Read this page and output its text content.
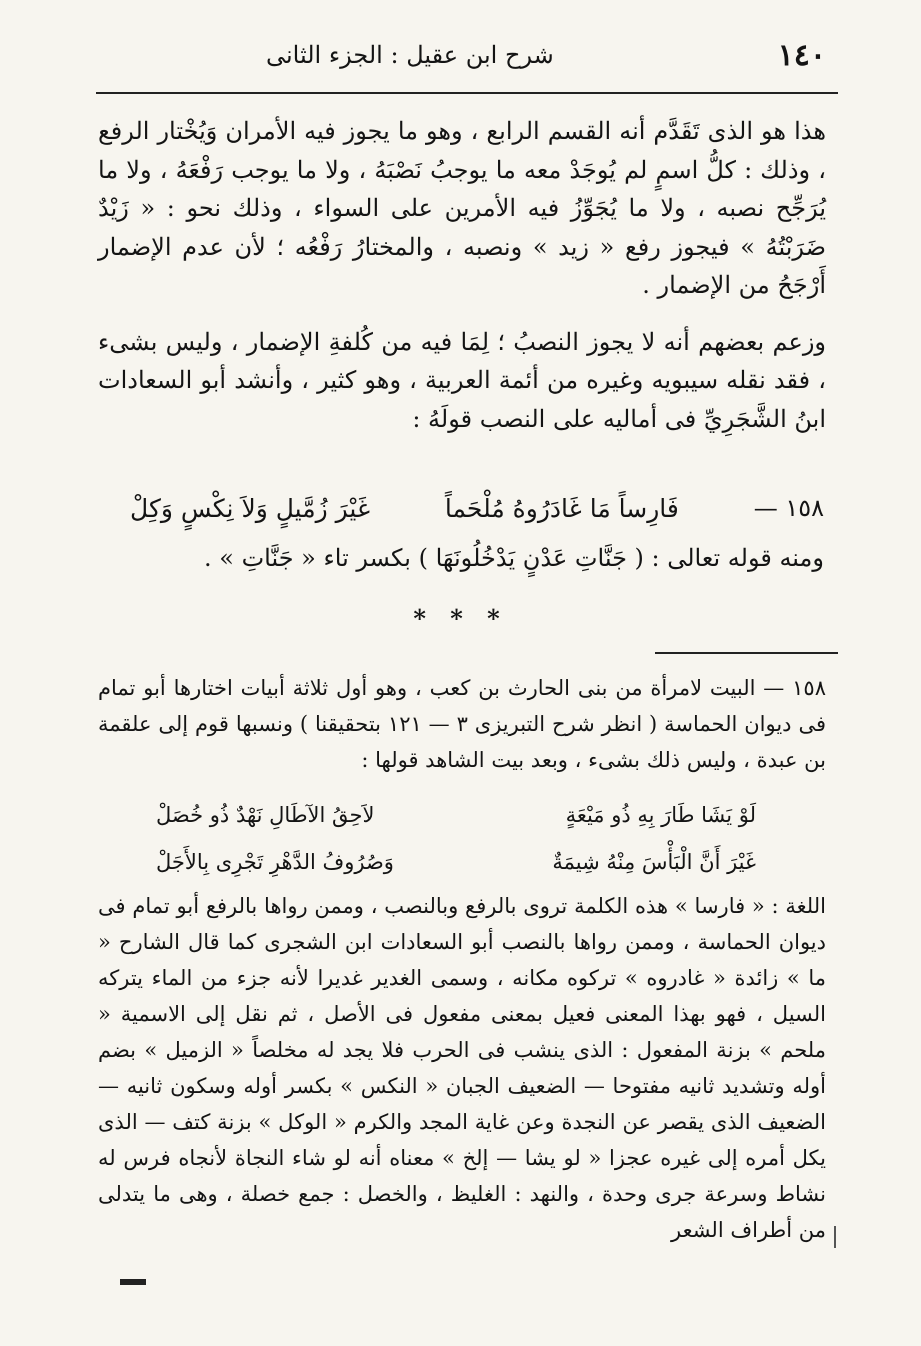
١٤٠
شرح ابن عقيل : الجزء الثانى

هذا هو الذى تَقَدَّم أنه القسم الرابع ، وهو ما يجوز فيه الأمران وَيُخْتار الرفع ، وذلك : كلُّ اسمٍ لم يُوجَدْ معه ما يوجبُ نَصْبَهُ ، ولا ما يوجب رَفْعَهُ ، ولا ما يُرَجِّح نصبه ، ولا ما يُجَوِّزُ فيه الأمرين على السواء ، وذلك نحو : « زَيْدٌ ضَرَبْتُهُ » فيجوز رفع « زيد » ونصبه ، والمختارُ رَفْعُه ؛ لأن عدم الإضمار أَرْجَحُ من الإضمار .

وزعم بعضهم أنه لا يجوز النصبُ ؛ لِمَا فيه من كُلفةِ الإضمار ، وليس بشىء ، فقد نقله سيبويه وغيره من أئمة العربية ، وهو كثير ، وأنشد أبو السعادات ابنُ الشَّجَرِيِّ فى أماليه على النصب قولَهُ :

١٥٨ —
فَارِساً مَا غَادَرُوهُ مُلْحَماً
غَيْرَ زُمَّيلٍ وَلاَ نِكْسٍ وَكِلْ
ومنه قوله تعالى : ( جَنَّاتِ عَدْنٍ يَدْخُلُونَهَا ) بكسر تاء « جَنَّاتِ » .
* * *

١٥٨ — البيت لامرأة من بنى الحارث بن كعب ، وهو أول ثلاثة أبيات اختارها أبو تمام فى ديوان الحماسة ( انظر شرح التبريزى ٣ — ١٢١ بتحقيقنا ) ونسبها قوم إلى علقمة بن عبدة ، وليس ذلك بشىء ، وبعد بيت الشاهد قولها :

لَوْ يَشَا طَارَ بِهِ ذُو مَيْعَةٍ
لاَحِقُ الآطَالِ نَهْدٌ ذُو خُصَلْ
غَيْرَ أَنَّ الْبَأْسَ مِنْهُ شِيمَةٌ
وَصُرُوفُ الدَّهْرِ تَجْرِى بِالأَجَلْ

اللغة : « فارسا » هذه الكلمة تروى بالرفع وبالنصب ، وممن رواها بالرفع أبو تمام فى ديوان الحماسة ، وممن رواها بالنصب أبو السعادات ابن الشجرى كما قال الشارح « ما » زائدة « غادروه » تركوه مكانه ، وسمى الغدير غديرا لأنه جزء من الماء يتركه السيل ، فهو بهذا المعنى فعيل بمعنى مفعول فى الأصل ، ثم نقل إلى الاسمية « ملحم » بزنة المفعول : الذى ينشب فى الحرب فلا يجد له مخلصاً « الزميل » بضم أوله وتشديد ثانيه مفتوحا — الضعيف الجبان « النكس » بكسر أوله وسكون ثانيه — الضعيف الذى يقصر عن النجدة وعن غاية المجد والكرم « الوكل » بزنة كتف — الذى يكل أمره إلى غيره عجزا « لو يشا — إلخ » معناه أنه لو شاء النجاة لأنجاه فرس له نشاط وسرعة جرى وحدة ، والنهد : الغليظ ، والخصل : جمع خصلة ، وهى ما يتدلى من أطراف الشعر
